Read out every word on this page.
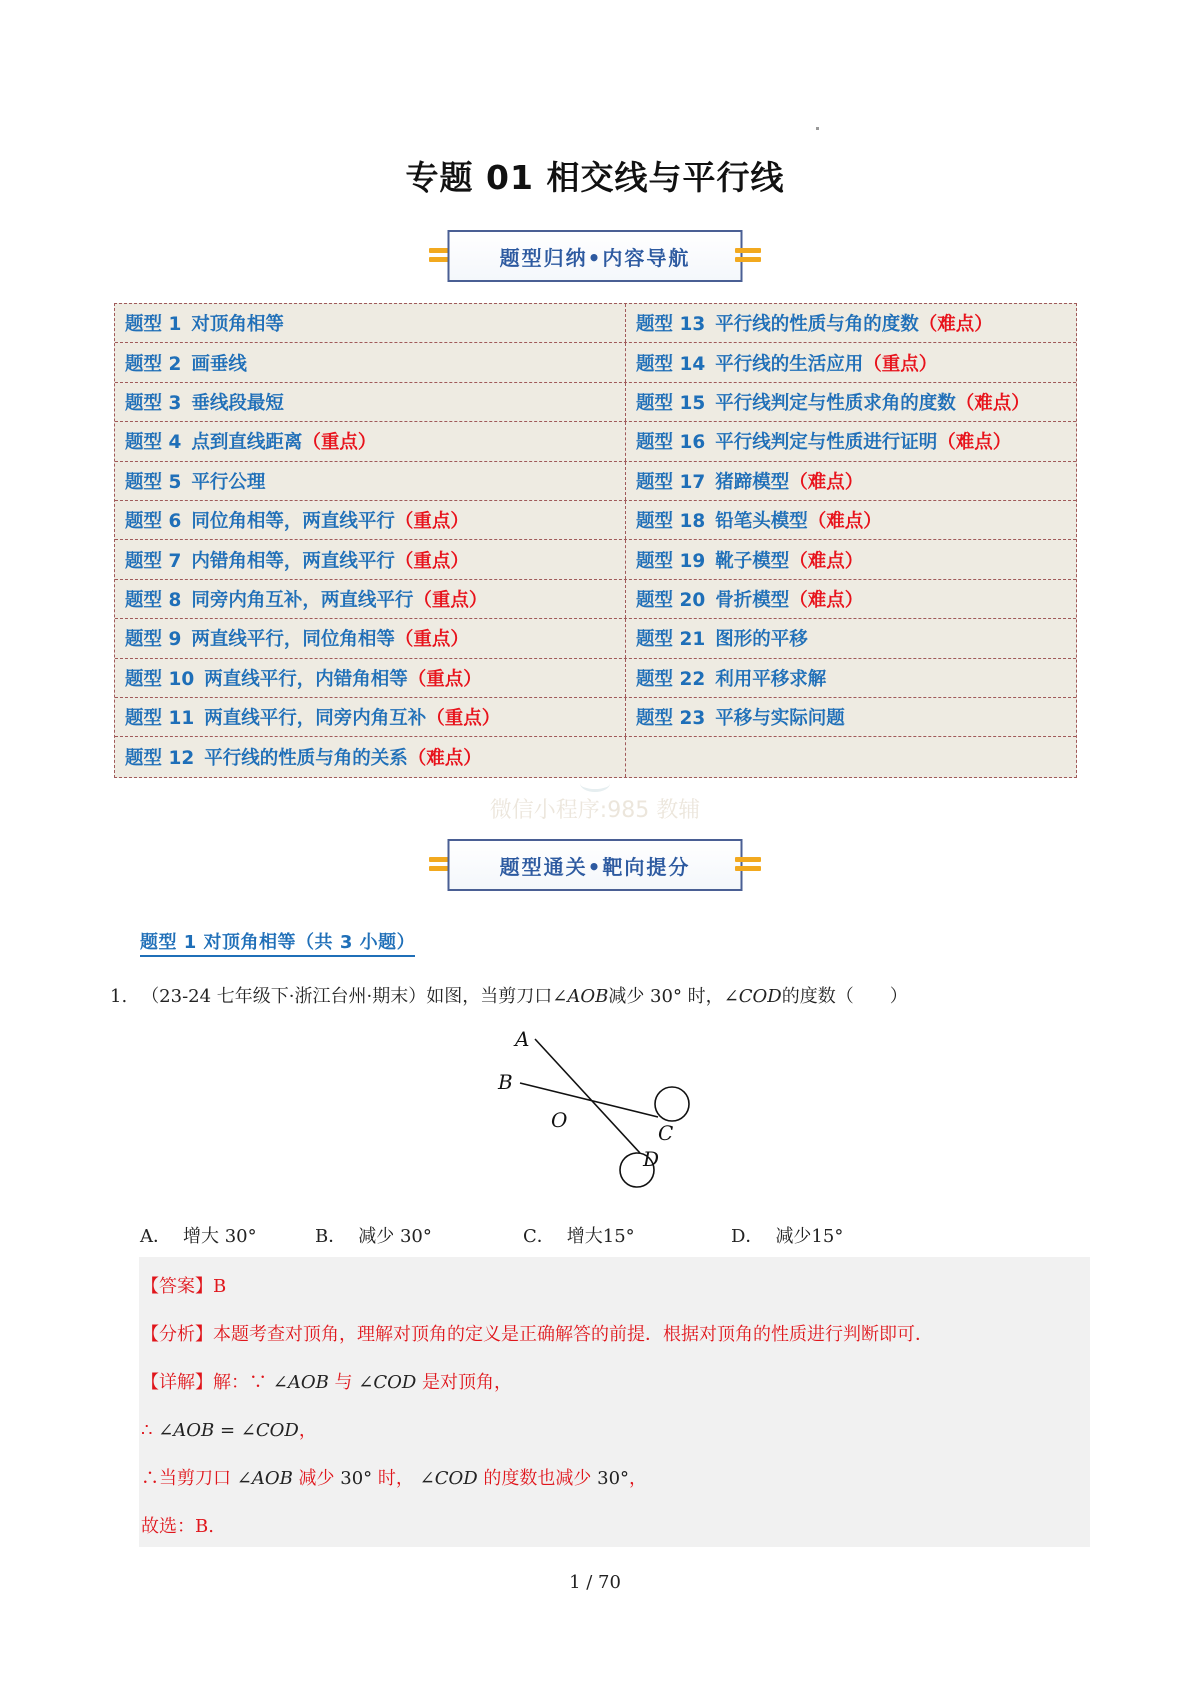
专题 01 相交线与平行线
题型归纳•内容导航
题型 1 对顶角相等	题型 13 平行线的性质与角的度数 （难点）
题型 2 画垂线	题型 14 平行线的生活应用 （重点）
题型 3 垂线段最短	题型 15 平行线判定与性质求角的度数 （难点）
题型 4 点到直线距离 （重点）	题型 16 平行线判定与性质进行证明 （难点）
题型 5 平行公理	题型 17 猪蹄模型 （难点）
题型 6 同位角相等，两直线平行 （重点）	题型 18 铅笔头模型 （难点）
题型 7 内错角相等，两直线平行 （重点）	题型 19 靴子模型 （难点）
题型 8 同旁内角互补，两直线平行 （重点）	题型 20 骨折模型 （难点）
题型 9 两直线平行，同位角相等 （重点）	题型 21 图形的平移
题型 10 两直线平行，内错角相等 （重点）	题型 22 利用平移求解
题型 11 两直线平行，同旁内角互补 （重点）	题型 23 平移与实际问题
题型 12 平行线的性质与角的关系 （难点）
微信小程序:985 教辅
题型通关•靶向提分
题型 1 对顶角相等（共 3 小题）
1. （23-24 七年级下·浙江台州·期末）如图，当剪刀口∠AOB减少 30° 时，∠COD的度数（　　）
A
B
O
C
D
A． 增大 30°	B． 减少 30°	C． 增大15°	D． 减少15°
【答案】B
【分析】本题考查对顶角，理解对顶角的定义是正确解答的前提．根据对顶角的性质进行判断即可．
【详解】解：∵ ∠AOB 与 ∠COD 是对顶角，
∴ ∠AOB = ∠COD，
∴当剪刀口 ∠AOB 减少 30° 时， ∠COD 的度数也减少 30°，
故选：B.
1 / 70
